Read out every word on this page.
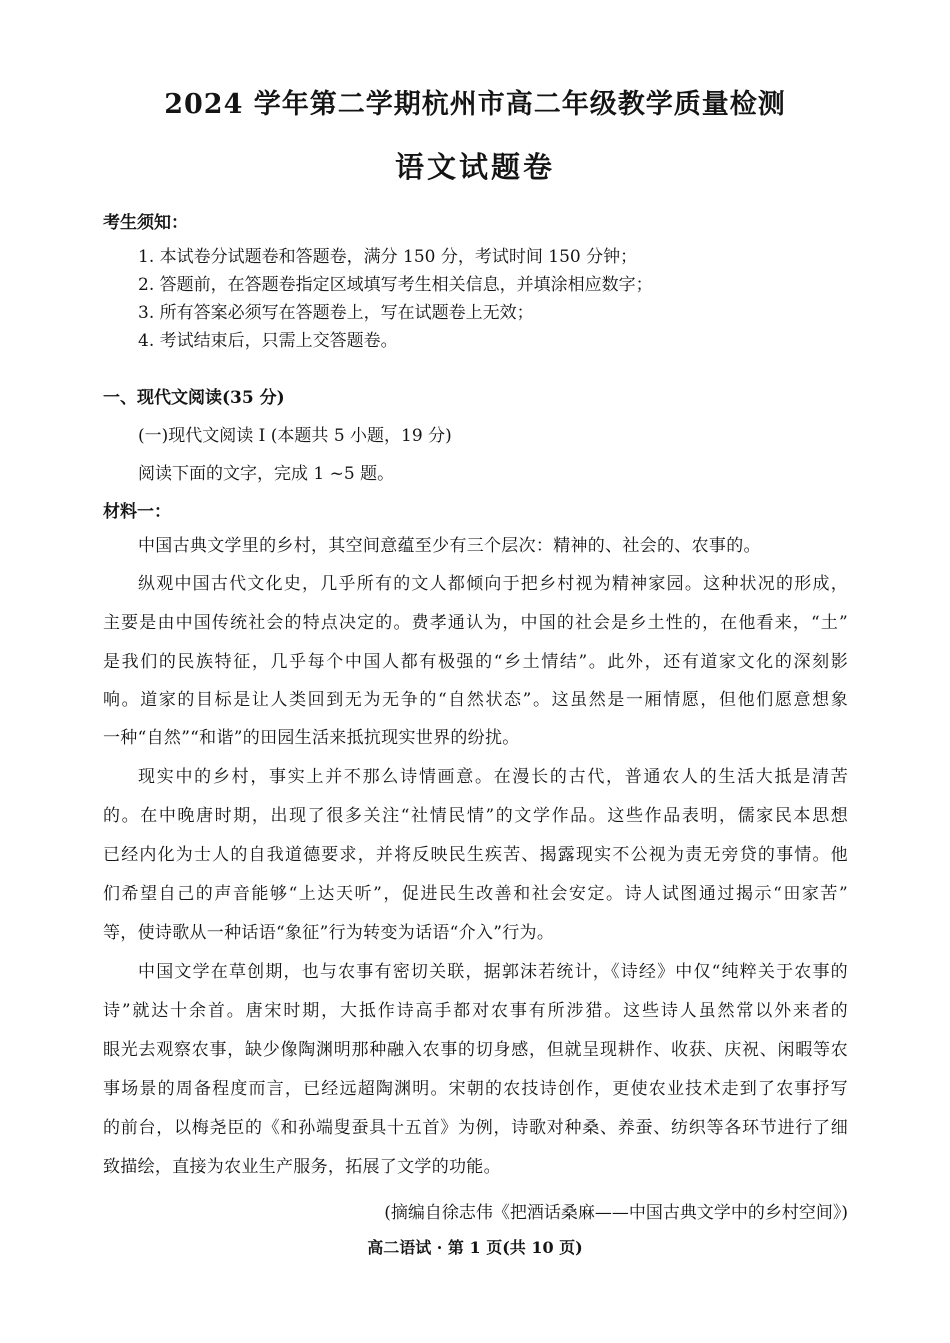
2024 学年第二学期杭州市高二年级教学质量检测
语文试题卷
考生须知：
1. 本试卷分试题卷和答题卷，满分 150 分，考试时间 150 分钟；
2. 答题前，在答题卷指定区域填写考生相关信息，并填涂相应数字；
3. 所有答案必须写在答题卷上，写在试题卷上无效；
4. 考试结束后，只需上交答题卷。
一、现代文阅读(35 分)
(一)现代文阅读 I (本题共 5 小题，19 分)
阅读下面的文字，完成 1 ~5 题。
材料一：
中国古典文学里的乡村，其空间意蕴至少有三个层次：精神的、社会的、农事的。
纵观中国古代文化史，几乎所有的文人都倾向于把乡村视为精神家园。这种状况的形成，
主要是由中国传统社会的特点决定的。费孝通认为，中国的社会是乡土性的，在他看来，“土”
是我们的民族特征，几乎每个中国人都有极强的“乡土情结”。此外，还有道家文化的深刻影
响。道家的目标是让人类回到无为无争的“自然状态”。这虽然是一厢情愿，但他们愿意想象
一种“自然”“和谐”的田园生活来抵抗现实世界的纷扰。
现实中的乡村，事实上并不那么诗情画意。在漫长的古代，普通农人的生活大抵是清苦
的。在中晚唐时期，出现了很多关注“社情民情”的文学作品。这些作品表明，儒家民本思想
已经内化为士人的自我道德要求，并将反映民生疾苦、揭露现实不公视为责无旁贷的事情。他
们希望自己的声音能够“上达天听”，促进民生改善和社会安定。诗人试图通过揭示“田家苦”
等，使诗歌从一种话语“象征”行为转变为话语“介入”行为。
中国文学在草创期，也与农事有密切关联，据郭沫若统计，《诗经》中仅“纯粹关于农事的
诗”就达十余首。唐宋时期，大抵作诗高手都对农事有所涉猎。这些诗人虽然常以外来者的
眼光去观察农事，缺少像陶渊明那种融入农事的切身感，但就呈现耕作、收获、庆祝、闲暇等农
事场景的周备程度而言，已经远超陶渊明。宋朝的农技诗创作，更使农业技术走到了农事抒写
的前台，以梅尧臣的《和孙端叟蚕具十五首》为例，诗歌对种桑、养蚕、纺织等各环节进行了细
致描绘，直接为农业生产服务，拓展了文学的功能。
(摘编自徐志伟《把酒话桑麻——中国古典文学中的乡村空间》)
高二语试 · 第 1 页(共 10 页)
